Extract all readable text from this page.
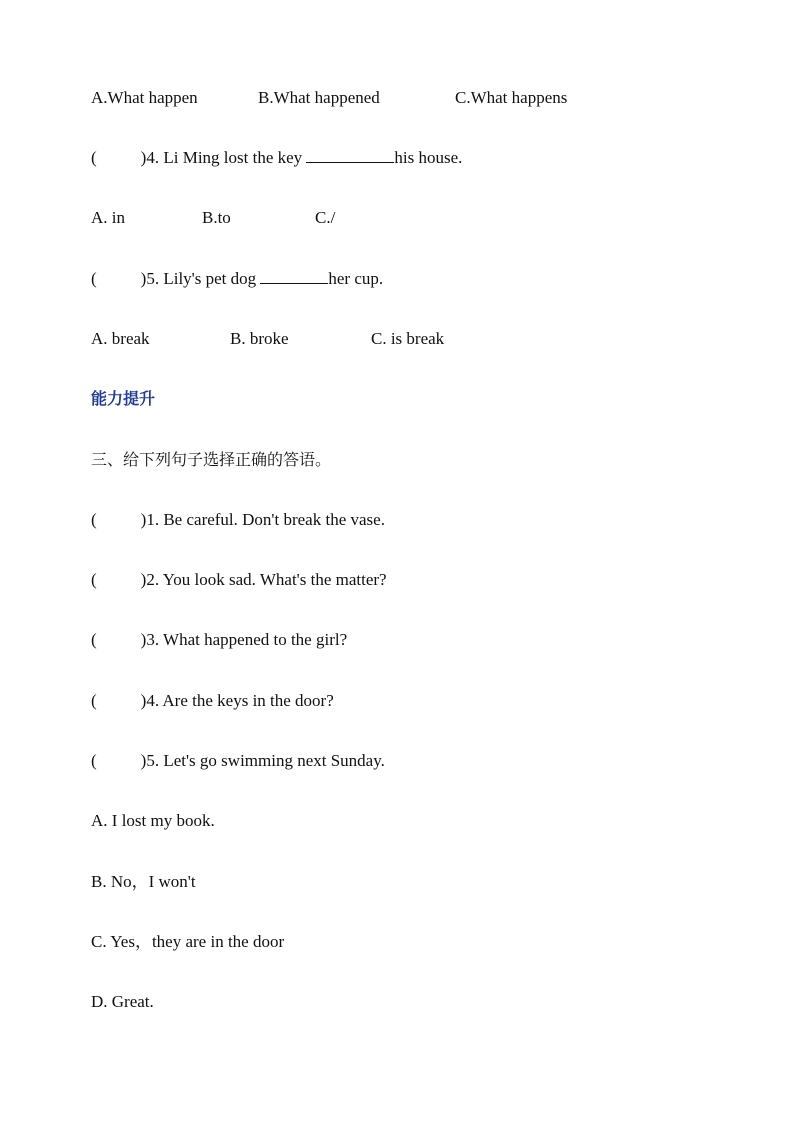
A.What happen	B.What happened	C.What happens
(	)4. Li Ming lost the key	his house.
A. in	B.to	C./
(	)5. Lily's pet dog	her cup.
A. break	B. broke	C. is break
能力提升
三、给下列句子选择正确的答语。
(	)1. Be careful. Don't break the vase.
(	)2. You look sad. What's the matter?
(	)3. What happened to the girl?
(	)4. Are the keys in the door?
(	)5. Let's go swimming next Sunday.
A. I lost my book.
B. No，I won't
C. Yes，they are in the door
D. Great.
